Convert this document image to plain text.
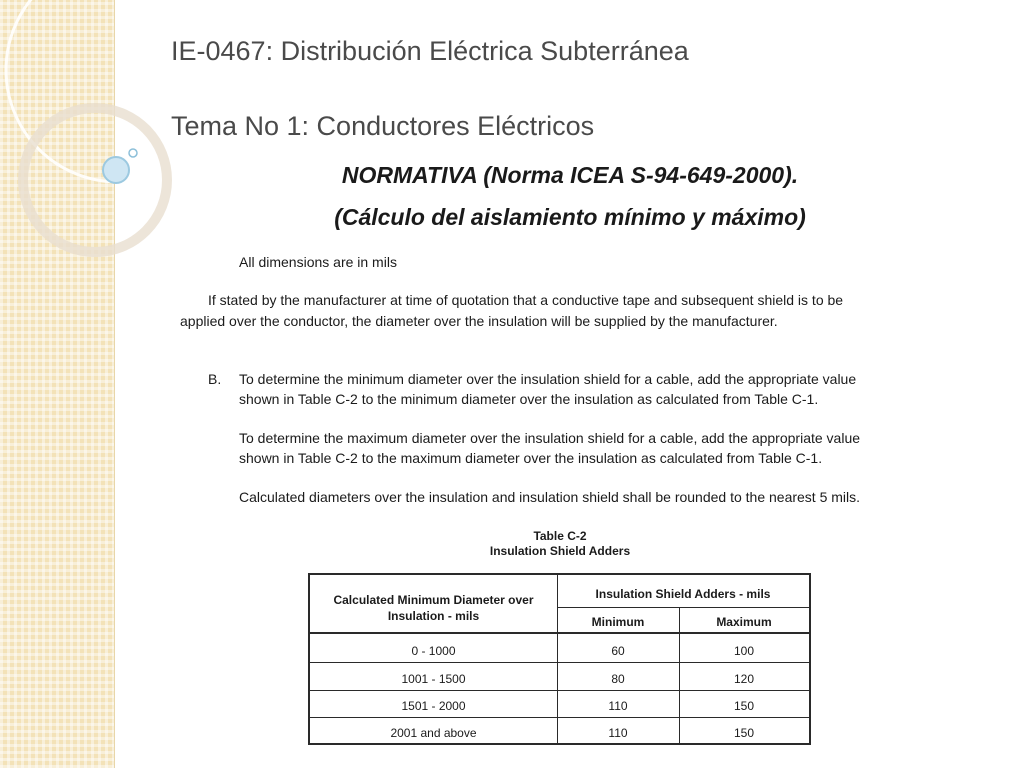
IE-0467: Distribución Eléctrica Subterránea
Tema No 1: Conductores Eléctricos
NORMATIVA (Norma ICEA S-94-649-2000).
(Cálculo del aislamiento mínimo y máximo)
All dimensions are in mils
If stated by the manufacturer at time of quotation that a conductive tape and subsequent shield is to be
applied over the conductor, the diameter over the insulation will be supplied by the manufacturer.
B. To determine the minimum diameter over the insulation shield for a cable, add the appropriate value
shown in Table C-2 to the minimum diameter over the insulation as calculated from Table C-1.
To determine the maximum diameter over the insulation shield for a cable, add the appropriate value
shown in Table C-2 to the maximum diameter over the insulation as calculated from Table C-1.
Calculated diameters over the insulation and insulation shield shall be rounded to the nearest 5 mils.
Table C-2
Insulation Shield Adders
Calculated Minimum Diameter over
Insulation - mils
Insulation Shield Adders - mils
Minimum	Maximum
0 - 1000	60	100
1001 - 1500	80	120
1501 - 2000	110	150
2001 and above	110	150
